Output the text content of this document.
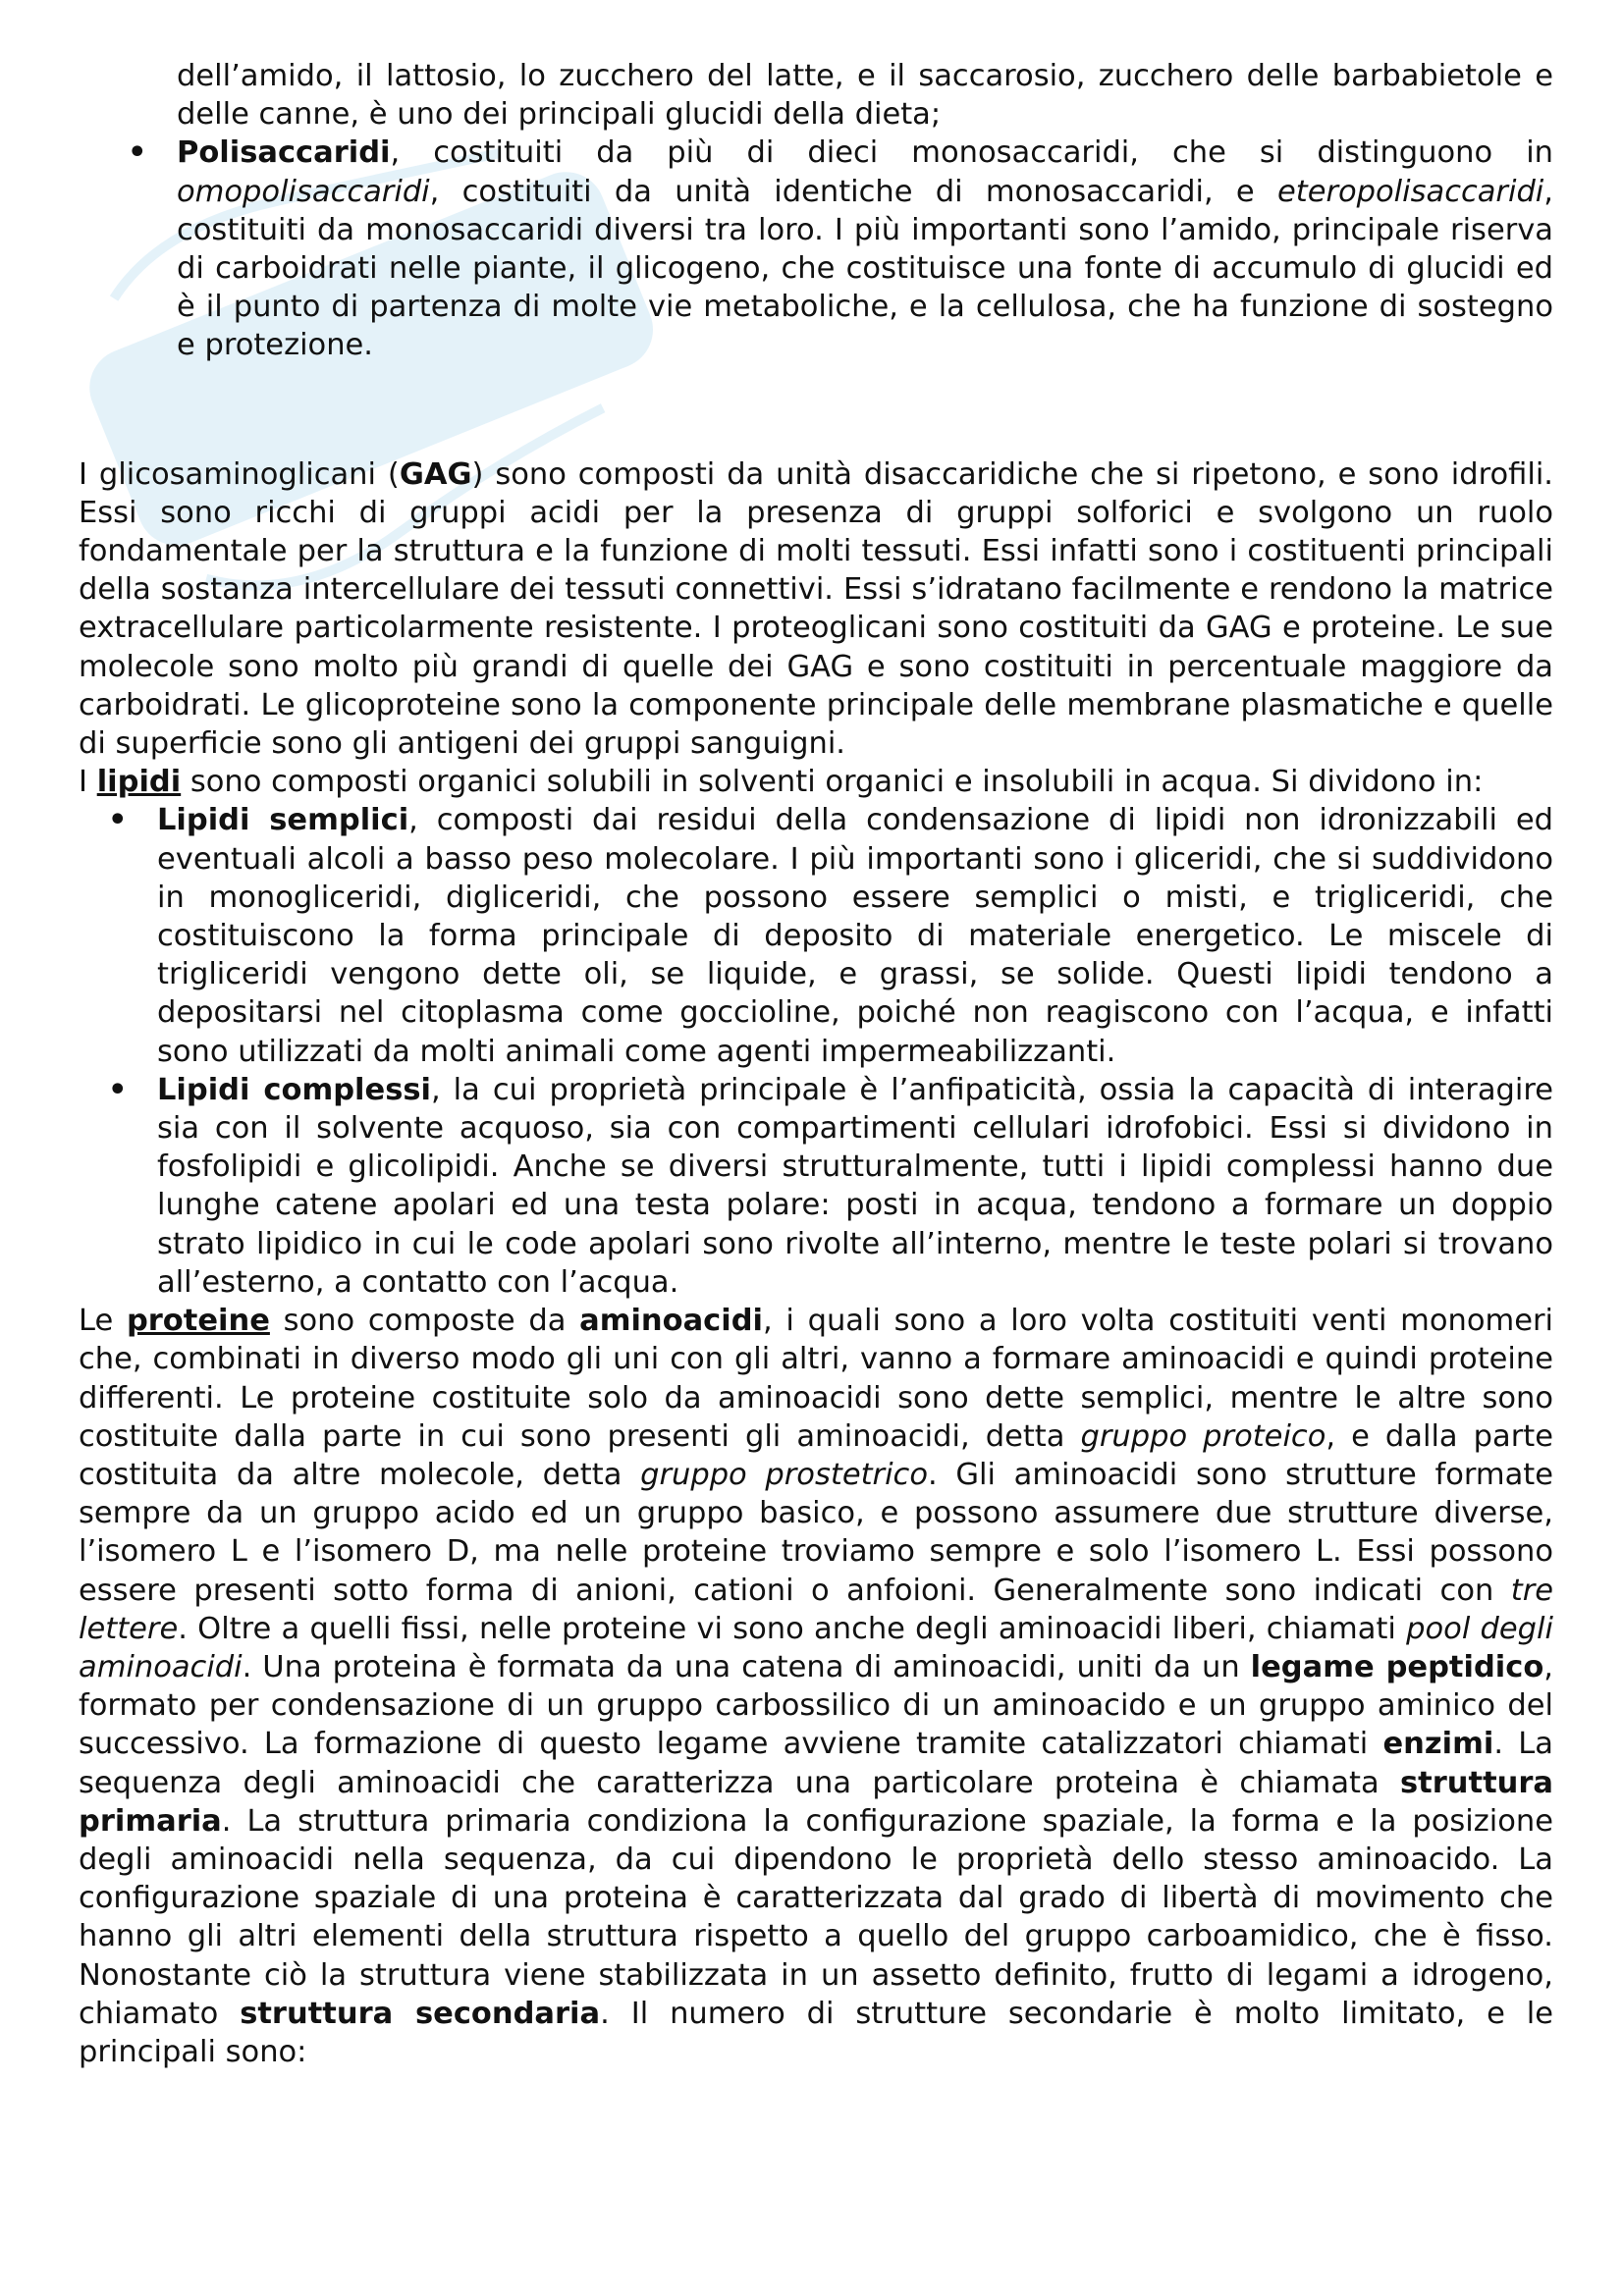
dell’amido, il lattosio, lo zucchero del latte, e il saccarosio, zucchero delle barbabietole e delle canne, è uno dei principali glucidi della dieta;

• Polisaccaridi, costituiti da più di dieci monosaccaridi, che si distinguono in omopolisaccaridi, costituiti da unità identiche di monosaccaridi, e eteropolisaccaridi, costituiti da monosaccaridi diversi tra loro. I più importanti sono l’amido, principale riserva di carboidrati nelle piante, il glicogeno, che costituisce una fonte di accumulo di glucidi ed è il punto di partenza di molte vie metaboliche, e la cellulosa, che ha funzione di sostegno e protezione.

I glicosaminoglicani (GAG) sono composti da unità disaccaridiche che si ripetono, e sono idrofili. Essi sono ricchi di gruppi acidi per la presenza di gruppi solforici e svolgono un ruolo fondamentale per la struttura e la funzione di molti tessuti. Essi infatti sono i costituenti principali della sostanza intercellulare dei tessuti connettivi. Essi s’idratano facilmente e rendono la matrice extracellulare particolarmente resistente. I proteoglicani sono costituiti da GAG e proteine. Le sue molecole sono molto più grandi di quelle dei GAG e sono costituiti in percentuale maggiore da carboidrati. Le glicoproteine sono la componente principale delle membrane plasmatiche e quelle di superficie sono gli antigeni dei gruppi sanguigni.

I lipidi sono composti organici solubili in solventi organici e insolubili in acqua. Si dividono in:

• Lipidi semplici, composti dai residui della condensazione di lipidi non idronizzabili ed eventuali alcoli a basso peso molecolare. I più importanti sono i gliceridi, che si suddividono in monogliceridi, digliceridi, che possono essere semplici o misti, e trigliceridi, che costituiscono la forma principale di deposito di materiale energetico. Le miscele di trigliceridi vengono dette oli, se liquide, e grassi, se solide. Questi lipidi tendono a depositarsi nel citoplasma come goccioline, poiché non reagiscono con l’acqua, e infatti sono utilizzati da molti animali come agenti impermeabilizzanti.
• Lipidi complessi, la cui proprietà principale è l’anfipaticità, ossia la capacità di interagire sia con il solvente acquoso, sia con compartimenti cellulari idrofobici. Essi si dividono in fosfolipidi e glicolipidi. Anche se diversi strutturalmente, tutti i lipidi complessi hanno due lunghe catene apolari ed una testa polare: posti in acqua, tendono a formare un doppio strato lipidico in cui le code apolari sono rivolte all’interno, mentre le teste polari si trovano all’esterno, a contatto con l’acqua.

Le proteine sono composte da aminoacidi, i quali sono a loro volta costituiti venti monomeri che, combinati in diverso modo gli uni con gli altri, vanno a formare aminoacidi e quindi proteine differenti. Le proteine costituite solo da aminoacidi sono dette semplici, mentre le altre sono costituite dalla parte in cui sono presenti gli aminoacidi, detta gruppo proteico, e dalla parte costituita da altre molecole, detta gruppo prostetrico. Gli aminoacidi sono strutture formate sempre da un gruppo acido ed un gruppo basico, e possono assumere due strutture diverse, l’isomero L e l’isomero D, ma nelle proteine troviamo sempre e solo l’isomero L. Essi possono essere presenti sotto forma di anioni, cationi o anfoioni. Generalmente sono indicati con tre lettere. Oltre a quelli fissi, nelle proteine vi sono anche degli aminoacidi liberi, chiamati pool degli aminoacidi. Una proteina è formata da una catena di aminoacidi, uniti da un legame peptidico, formato per condensazione di un gruppo carbossilico di un aminoacido e un gruppo aminico del successivo. La formazione di questo legame avviene tramite catalizzatori chiamati enzimi. La sequenza degli aminoacidi che caratterizza una particolare proteina è chiamata struttura primaria. La struttura primaria condiziona la configurazione spaziale, la forma e la posizione degli aminoacidi nella sequenza, da cui dipendono le proprietà dello stesso aminoacido. La configurazione spaziale di una proteina è caratterizzata dal grado di libertà di movimento che hanno gli altri elementi della struttura rispetto a quello del gruppo carboamidico, che è fisso. Nonostante ciò la struttura viene stabilizzata in un assetto definito, frutto di legami a idrogeno, chiamato struttura secondaria. Il numero di strutture secondarie è molto limitato, e le principali sono:
